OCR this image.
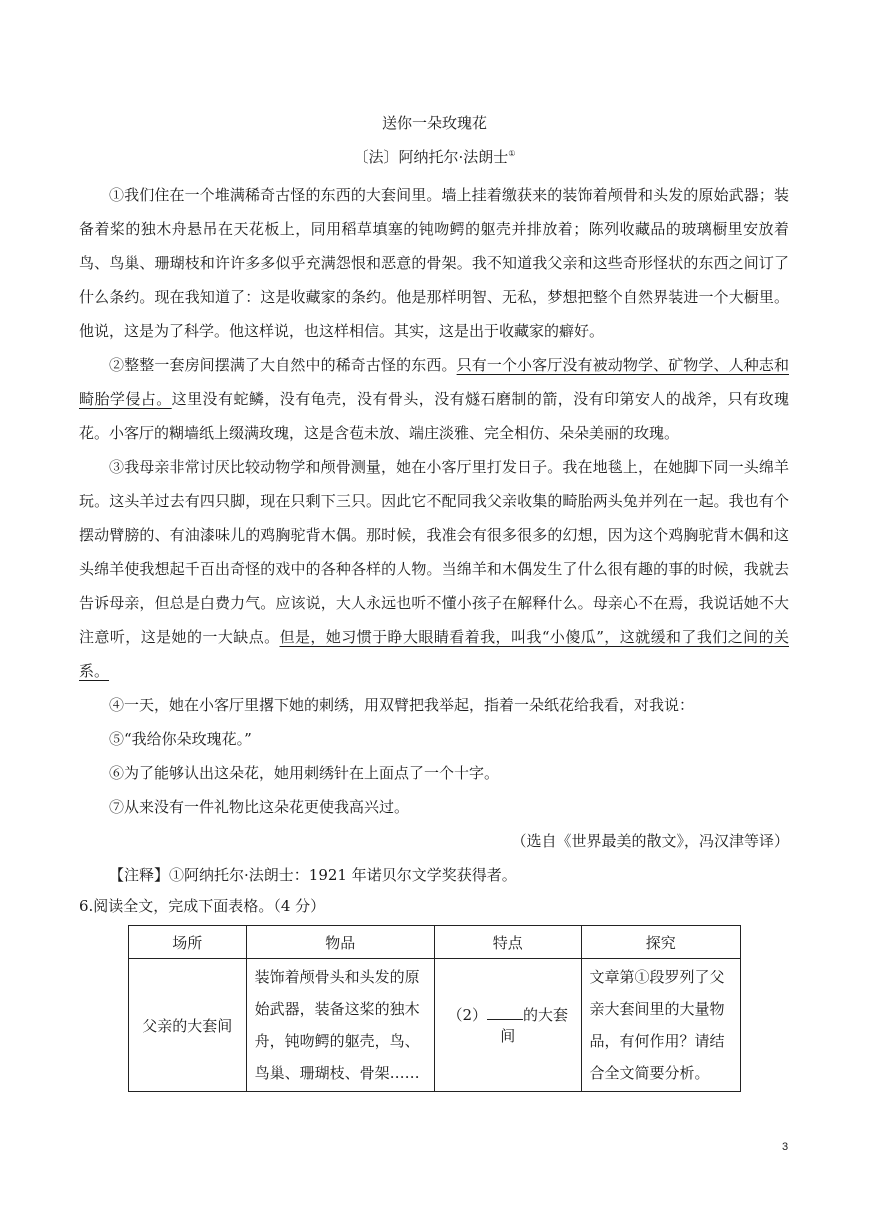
送你一朵玫瑰花
〔法〕阿纳托尔·法朗士①

①我们住在一个堆满稀奇古怪的东西的大套间里。墙上挂着缴获来的装饰着颅骨和头发的原始武器；装备着桨的独木舟悬吊在天花板上，同用稻草填塞的钝吻鳄的躯壳并排放着；陈列收藏品的玻璃橱里安放着鸟、鸟巢、珊瑚枝和许许多多似乎充满怨恨和恶意的骨架。我不知道我父亲和这些奇形怪状的东西之间订了什么条约。现在我知道了：这是收藏家的条约。他是那样明智、无私，梦想把整个自然界装进一个大橱里。他说，这是为了科学。他这样说，也这样相信。其实，这是出于收藏家的癖好。

②整整一套房间摆满了大自然中的稀奇古怪的东西。只有一个小客厅没有被动物学、矿物学、人种志和畸胎学侵占。这里没有蛇鳞，没有龟壳，没有骨头，没有燧石磨制的箭，没有印第安人的战斧，只有玫瑰花。小客厅的糊墙纸上缀满玫瑰，这是含苞未放、端庄淡雅、完全相仿、朵朵美丽的玫瑰。

③我母亲非常讨厌比较动物学和颅骨测量，她在小客厅里打发日子。我在地毯上，在她脚下同一头绵羊玩。这头羊过去有四只脚，现在只剩下三只。因此它不配同我父亲收集的畸胎两头兔并列在一起。我也有个摆动臂膀的、有油漆味儿的鸡胸驼背木偶。那时候，我准会有很多很多的幻想，因为这个鸡胸驼背木偶和这头绵羊使我想起千百出奇怪的戏中的各种各样的人物。当绵羊和木偶发生了什么很有趣的事的时候，我就去告诉母亲，但总是白费力气。应该说，大人永远也听不懂小孩子在解释什么。母亲心不在焉，我说话她不大注意听，这是她的一大缺点。但是，她习惯于睁大眼睛看着我，叫我“小傻瓜”，这就缓和了我们之间的关系。

④一天，她在小客厅里撂下她的刺绣，用双臂把我举起，指着一朵纸花给我看，对我说：

⑤“我给你朵玫瑰花。”

⑥为了能够认出这朵花，她用刺绣针在上面点了一个十字。

⑦从来没有一件礼物比这朵花更使我高兴过。

（选自《世界最美的散文》，冯汉津等译）

【注释】①阿纳托尔·法朗士：1921 年诺贝尔文学奖获得者。

6.阅读全文，完成下面表格。（4 分）
场所	物品	特点	探究
父亲的大套间	装饰着颅骨头和头发的原始武器，装备这桨的独木舟，钝吻鳄的躯壳，鸟、鸟巢、珊瑚枝、骨架……	（2） 的大套间	文章第①段罗列了父亲大套间里的大量物品，有何作用？请结合全文简要分析。
3
